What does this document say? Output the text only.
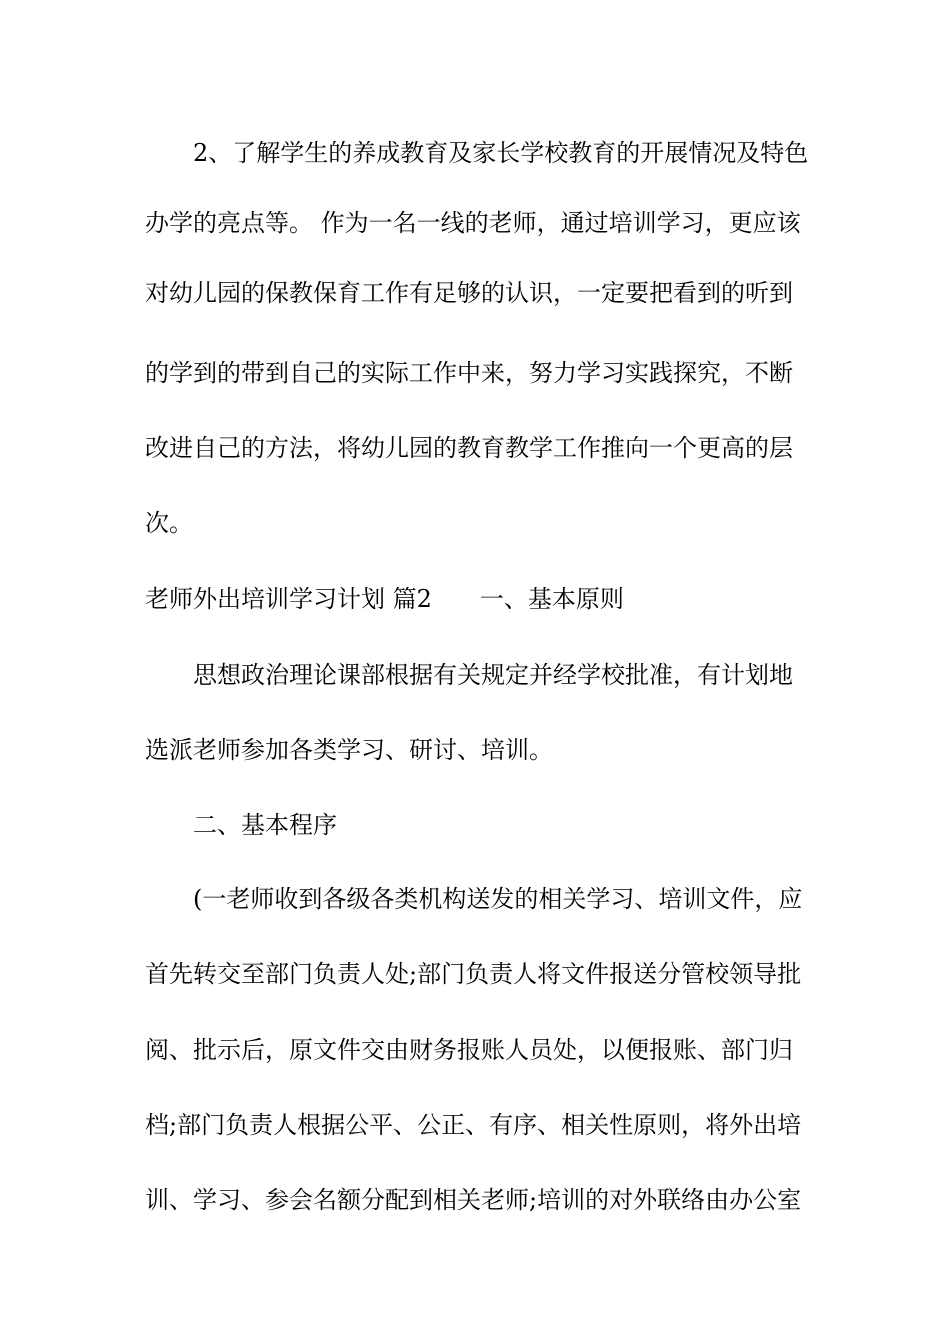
2、了解学生的养成教育及家长学校教育的开展情况及特色
办学的亮点等。 作为一名一线的老师，通过培训学习，更应该
对幼儿园的保教保育工作有足够的认识，一定要把看到的听到
的学到的带到自己的实际工作中来，努力学习实践探究，不断
改进自己的方法，将幼儿园的教育教学工作推向一个更高的层
次。
老师外出培训学习计划 篇2 一、基本原则
思想政治理论课部根据有关规定并经学校批准，有计划地
选派老师参加各类学习、研讨、培训。
二、基本程序
(一老师收到各级各类机构送发的相关学习、培训文件，应
首先转交至部门负责人处;部门负责人将文件报送分管校领导批
阅、批示后，原文件交由财务报账人员处，以便报账、部门归
档;部门负责人根据公平、公正、有序、相关性原则，将外出培
训、学习、参会名额分配到相关老师;培训的对外联络由办公室
